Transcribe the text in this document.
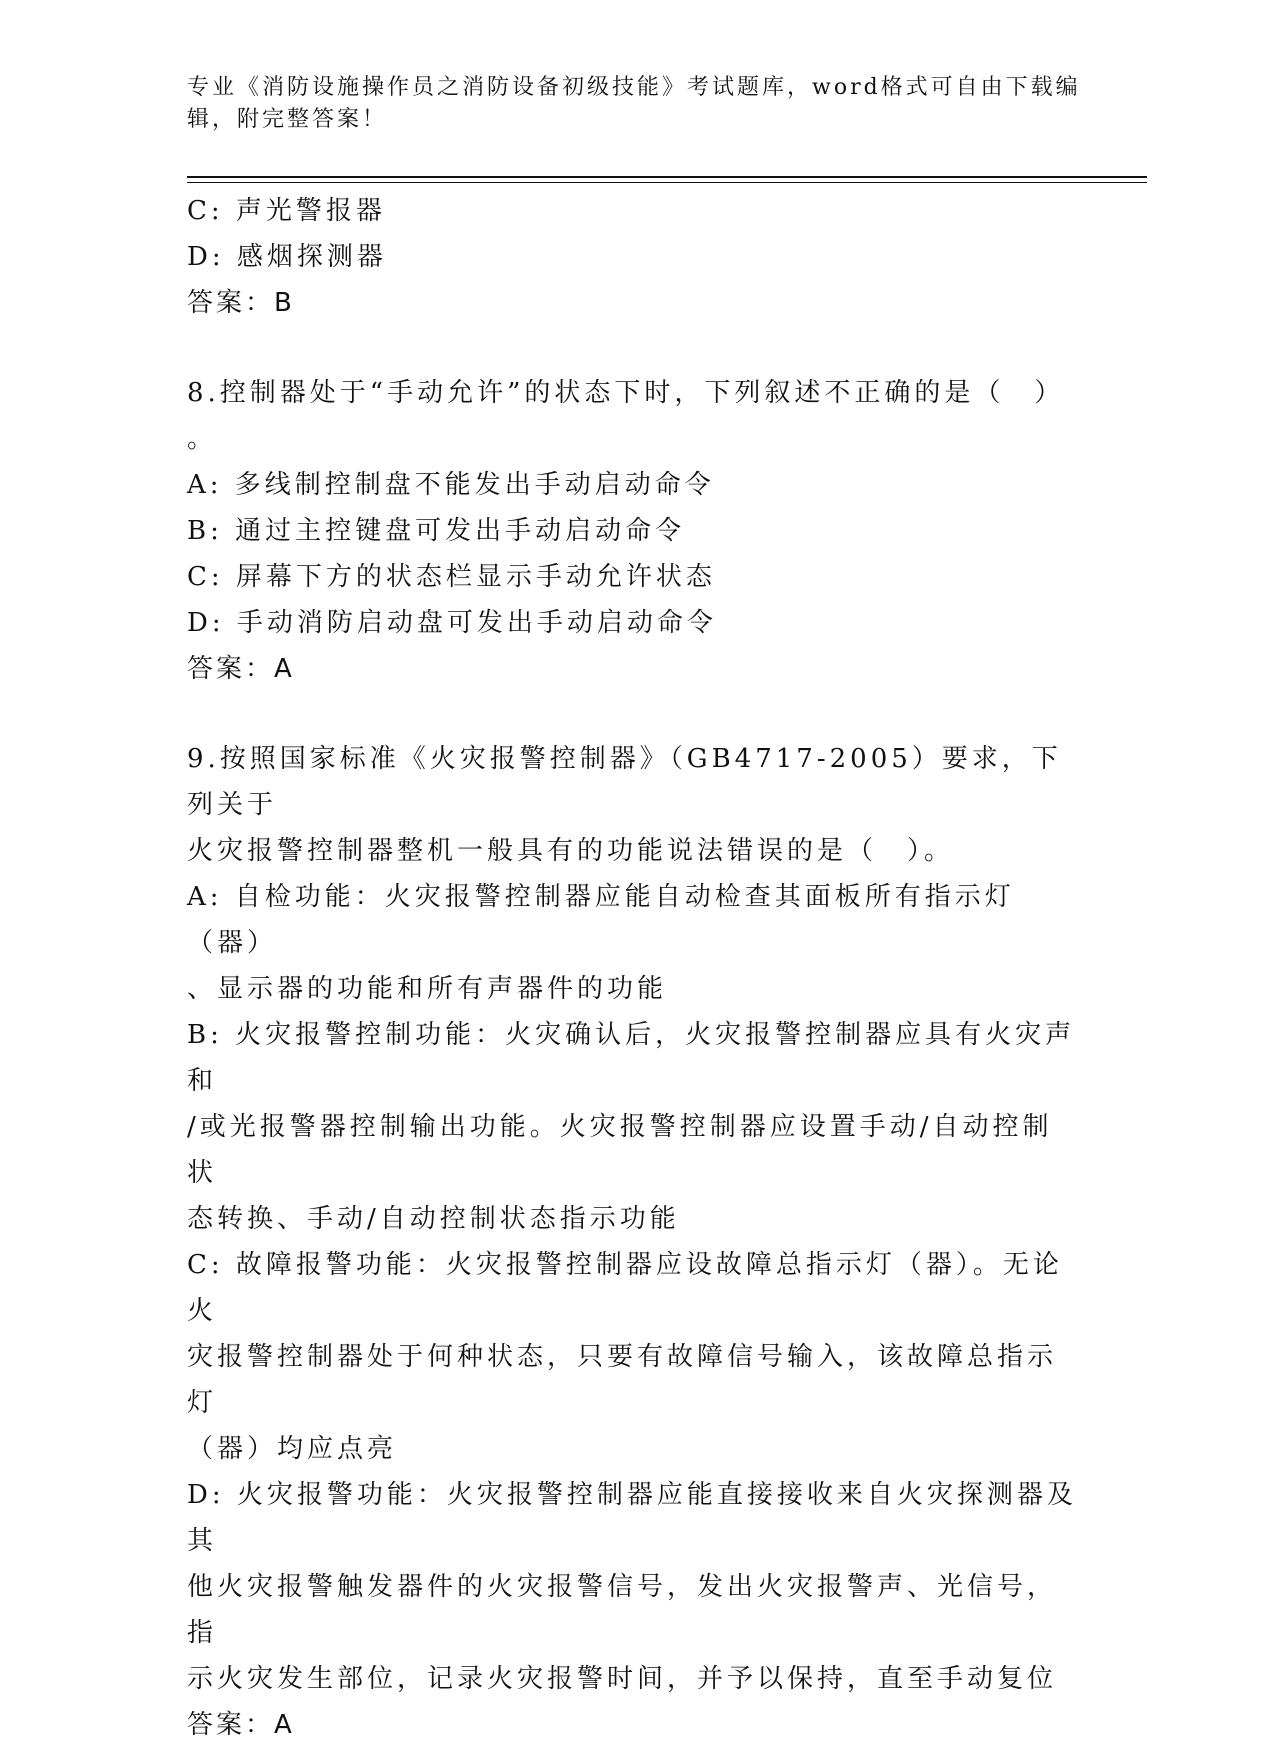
专业《消防设施操作员之消防设备初级技能》考试题库，word格式可自由下载编辑，附完整答案！

C: 声光警报器

D: 感烟探测器

答案：B

8.控制器处于“手动允许”的状态下时，下列叙述不正确的是（　）

。

A: 多线制控制盘不能发出手动启动命令

B: 通过主控键盘可发出手动启动命令

C: 屏幕下方的状态栏显示手动允许状态

D: 手动消防启动盘可发出手动启动命令

答案：A

9.按照国家标准《火灾报警控制器》（GB4717-2005）要求，下列关于

火灾报警控制器整机一般具有的功能说法错误的是（　）。

A: 自检功能：火灾报警控制器应能自动检查其面板所有指示灯（器）

、显示器的功能和所有声器件的功能

B: 火灾报警控制功能：火灾确认后，火灾报警控制器应具有火灾声和

/或光报警器控制输出功能。火灾报警控制器应设置手动/自动控制状

态转换、手动/自动控制状态指示功能

C: 故障报警功能：火灾报警控制器应设故障总指示灯（器）。无论火

灾报警控制器处于何种状态，只要有故障信号输入，该故障总指示灯

（器）均应点亮

D: 火灾报警功能：火灾报警控制器应能直接接收来自火灾探测器及其

他火灾报警触发器件的火灾报警信号，发出火灾报警声、光信号，指

示火灾发生部位，记录火灾报警时间，并予以保持，直至手动复位

答案：A
